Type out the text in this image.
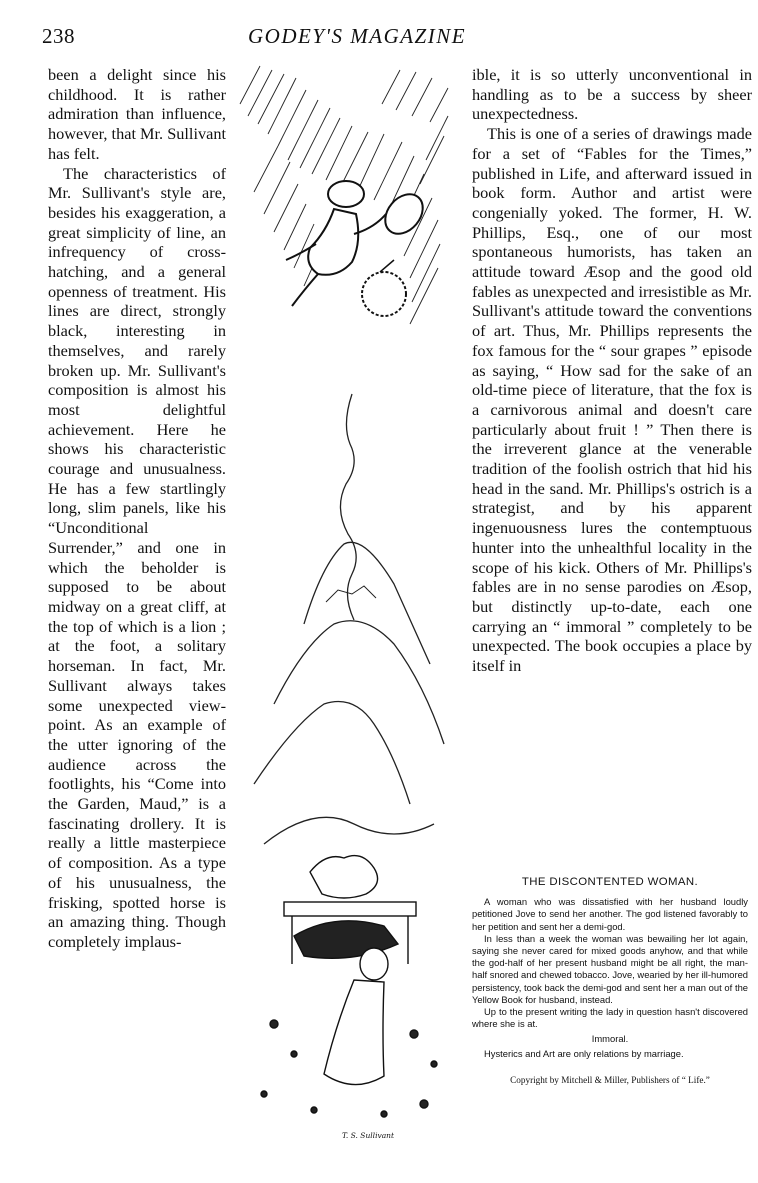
238	GODEY'S MAGAZINE

been a delight since his childhood. It is rather admiration than influence, however, that Mr. Sullivant has felt.

The characteristics of Mr. Sullivant's style are, besides his exaggeration, a great simplicity of line, an infrequency of cross-hatching, and a general openness of treatment. His lines are direct, strongly black, interesting in themselves, and rarely broken up. Mr. Sullivant's composition is almost his most delightful achievement. Here he shows his characteristic courage and unusualness. He has a few startlingly long, slim panels, like his “Unconditional Surrender,” and one in which the beholder is supposed to be about midway on a great cliff, at the top of which is a lion ; at the foot, a solitary horseman. In fact, Mr. Sullivant always takes some unexpected view-point. As an example of the utter ignoring of the audience across the footlights, his “Come into the Garden, Maud,” is a fascinating drollery. It is really a little masterpiece of composition. As a type of his unusualness, the frisking, spotted horse is an amazing thing. Though completely implaus-

T. S. Sullivant

ible, it is so utterly unconventional in handling as to be a success by sheer unexpectedness.

This is one of a series of drawings made for a set of “Fables for the Times,” published in Life, and afterward issued in book form. Author and artist were congenially yoked. The former, H. W. Phillips, Esq., one of our most spontaneous humorists, has taken an attitude toward Æsop and the good old fables as unexpected and irresistible as Mr. Sullivant's attitude toward the conventions of art. Thus, Mr. Phillips represents the fox famous for the “ sour grapes ” episode as saying, “ How sad for the sake of an old-time piece of literature, that the fox is a carnivorous animal and doesn't care particularly about fruit ! ” Then there is the irreverent glance at the venerable tradition of the foolish ostrich that hid his head in the sand. Mr. Phillips's ostrich is a strategist, and by his apparent ingenuousness lures the contemptuous hunter into the unhealthful locality in the scope of his kick. Others of Mr. Phillips's fables are in no sense parodies on Æsop, but distinctly up-to-date, each one carrying an “ immoral ” completely to be unexpected. The book occupies a place by itself in

THE DISCONTENTED WOMAN.

A woman who was dissatisfied with her husband loudly petitioned Jove to send her another. The god listened favorably to her petition and sent her a demi-god.

In less than a week the woman was bewailing her lot again, saying she never cared for mixed goods anyhow, and that while the god-half of her present husband might be all right, the man-half snored and chewed tobacco. Jove, wearied by her ill-humored persistency, took back the demi-god and sent her a man out of the Yellow Book for husband, instead.

Up to the present writing the lady in question hasn't discovered where she is at.

Immoral.

Hysterics and Art are only relations by marriage.

Copyright by Mitchell & Miller, Publishers of “ Life.”
